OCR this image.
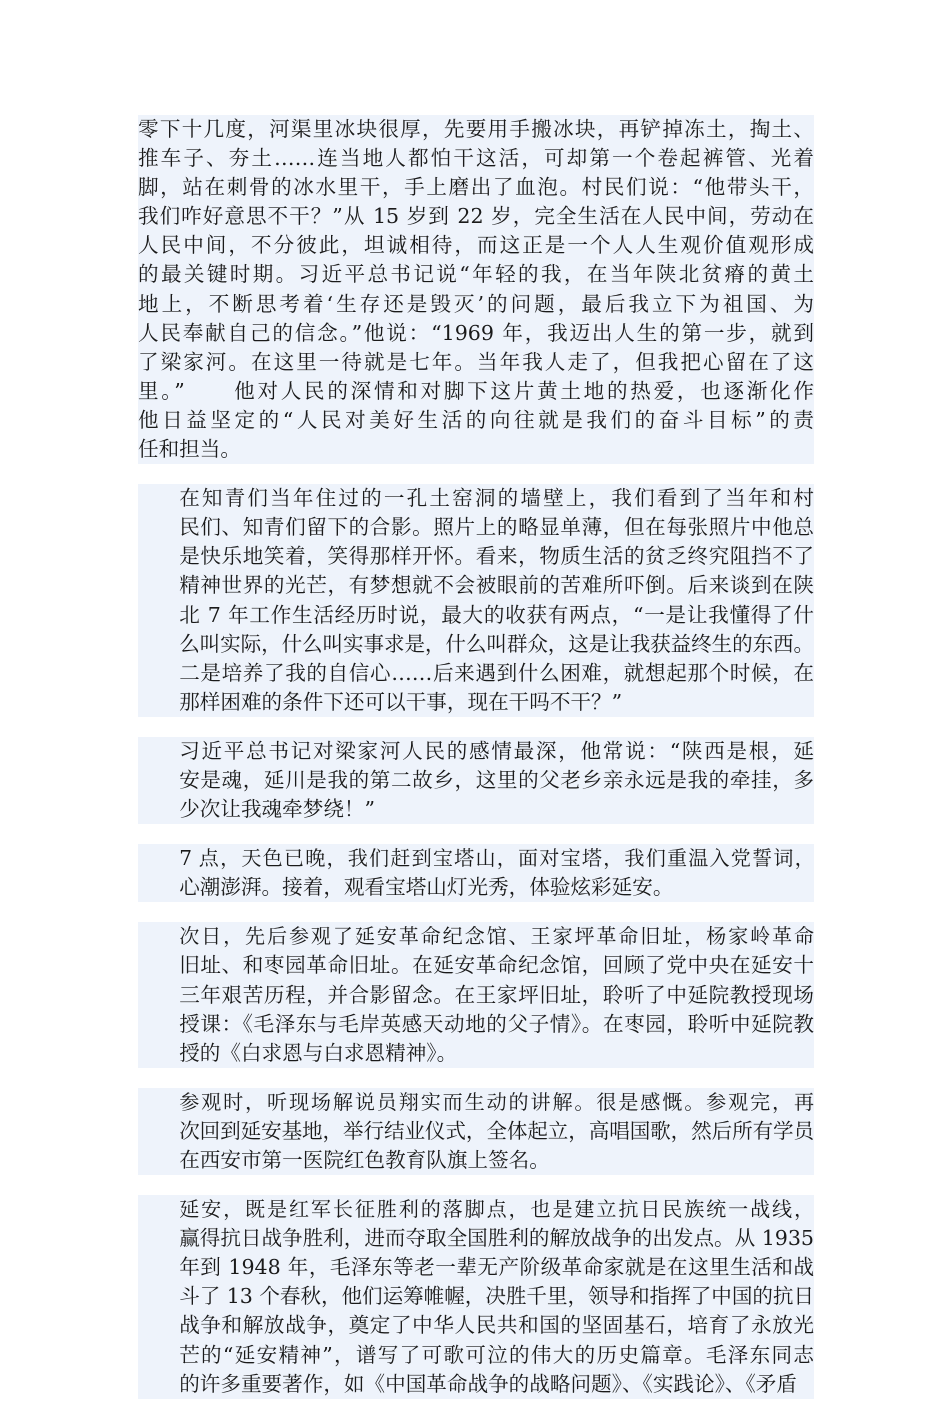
零下十几度，河渠里冰块很厚，先要用手搬冰块，再铲掉冻土，掏土、
推车子、夯土……连当地人都怕干这活，可却第一个卷起裤管、光着
脚，站在刺骨的冰水里干，手上磨出了血泡。村民们说：“他带头干，
我们咋好意思不干？”从 15 岁到 22 岁，完全生活在人民中间，劳动在
人民中间，不分彼此，坦诚相待，而这正是一个人人生观价值观形成
的最关键时期。习近平总书记说“年轻的我，在当年陕北贫瘠的黄土
地上，不断思考着‘生存还是毁灭’的问题，最后我立下为祖国、为
人民奉献自己的信念。”他说：“1969 年，我迈出人生的第一步，就到
了梁家河。在这里一待就是七年。当年我人走了，但我把心留在了这
里。”　　他对人民的深情和对脚下这片黄土地的热爱，也逐渐化作
他日益坚定的“人民对美好生活的向往就是我们的奋斗目标”的责
任和担当。
在知青们当年住过的一孔土窑洞的墙壁上，我们看到了当年和村
民们、知青们留下的合影。照片上的略显单薄，但在每张照片中他总
是快乐地笑着，笑得那样开怀。看来，物质生活的贫乏终究阻挡不了
精神世界的光芒，有梦想就不会被眼前的苦难所吓倒。后来谈到在陕
北 7 年工作生活经历时说，最大的收获有两点，“一是让我懂得了什
么叫实际，什么叫实事求是，什么叫群众，这是让我获益终生的东西。
二是培养了我的自信心……后来遇到什么困难，就想起那个时候，在
那样困难的条件下还可以干事，现在干吗不干？”
习近平总书记对梁家河人民的感情最深，他常说：“陕西是根，延
安是魂，延川是我的第二故乡，这里的父老乡亲永远是我的牵挂，多
少次让我魂牵梦绕！”
7 点，天色已晚，我们赶到宝塔山，面对宝塔，我们重温入党誓词，
心潮澎湃。接着，观看宝塔山灯光秀，体验炫彩延安。
次日，先后参观了延安革命纪念馆、王家坪革命旧址，杨家岭革命
旧址、和枣园革命旧址。在延安革命纪念馆，回顾了党中央在延安十
三年艰苦历程，并合影留念。在王家坪旧址，聆听了中延院教授现场
授课：《毛泽东与毛岸英感天动地的父子情》。在枣园，聆听中延院教
授的《白求恩与白求恩精神》。
参观时，听现场解说员翔实而生动的讲解。很是感慨。参观完，再
次回到延安基地，举行结业仪式，全体起立，高唱国歌，然后所有学员
在西安市第一医院红色教育队旗上签名。
延安，既是红军长征胜利的落脚点，也是建立抗日民族统一战线，
赢得抗日战争胜利，进而夺取全国胜利的解放战争的出发点。从 1935
年到 1948 年，毛泽东等老一辈无产阶级革命家就是在这里生活和战
斗了 13 个春秋，他们运筹帷幄，决胜千里，领导和指挥了中国的抗日
战争和解放战争，奠定了中华人民共和国的坚固基石，培育了永放光
芒的“延安精神”，谱写了可歌可泣的伟大的历史篇章。毛泽东同志
的许多重要著作，如《中国革命战争的战略问题》、《实践论》、《矛盾
